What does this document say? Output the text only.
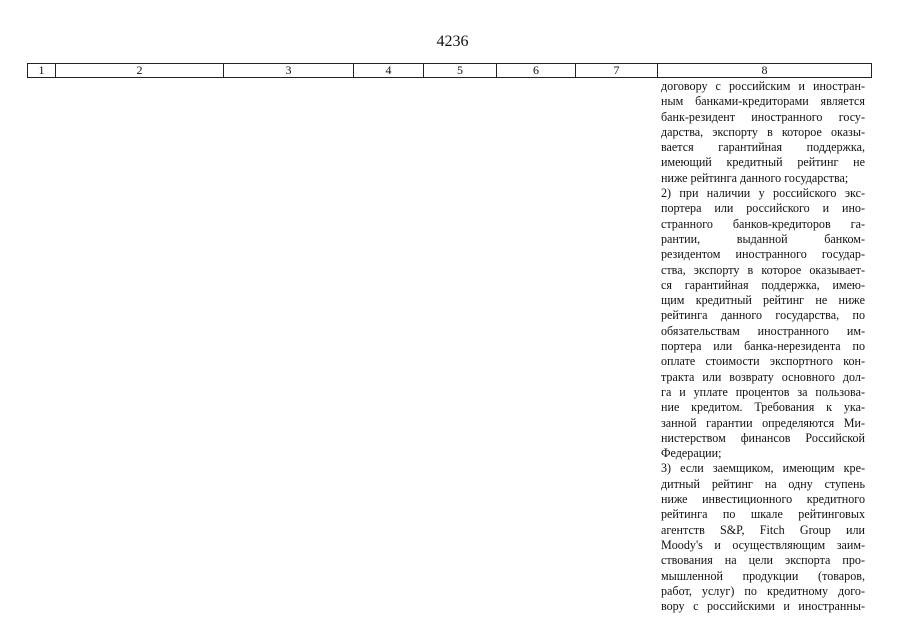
4236
1	2	3	4	5	6	7	8
договору с российским и иностран-
ным банками-кредиторами является
банк-резидент иностранного госу-
дарства, экспорту в которое оказы-
вается гарантийная поддержка,
имеющий кредитный рейтинг не
ниже рейтинга данного государства;
2) при наличии у российского экс-
портера или российского и ино-
странного банков-кредиторов га-
рантии, выданной банком-
резидентом иностранного государ-
ства, экспорту в которое оказывает-
ся гарантийная поддержка, имею-
щим кредитный рейтинг не ниже
рейтинга данного государства, по
обязательствам иностранного им-
портера или банка-нерезидента по
оплате стоимости экспортного кон-
тракта или возврату основного дол-
га и уплате процентов за пользова-
ние кредитом. Требования к ука-
занной гарантии определяются Ми-
нистерством финансов Российской
Федерации;
3) если заемщиком, имеющим кре-
дитный рейтинг на одну ступень
ниже инвестиционного кредитного
рейтинга по шкале рейтинговых
агентств S&P, Fitch Group или
Moody's и осуществляющим заим-
ствования на цели экспорта про-
мышленной продукции (товаров,
работ, услуг) по кредитному дого-
вору с российскими и иностранны-
